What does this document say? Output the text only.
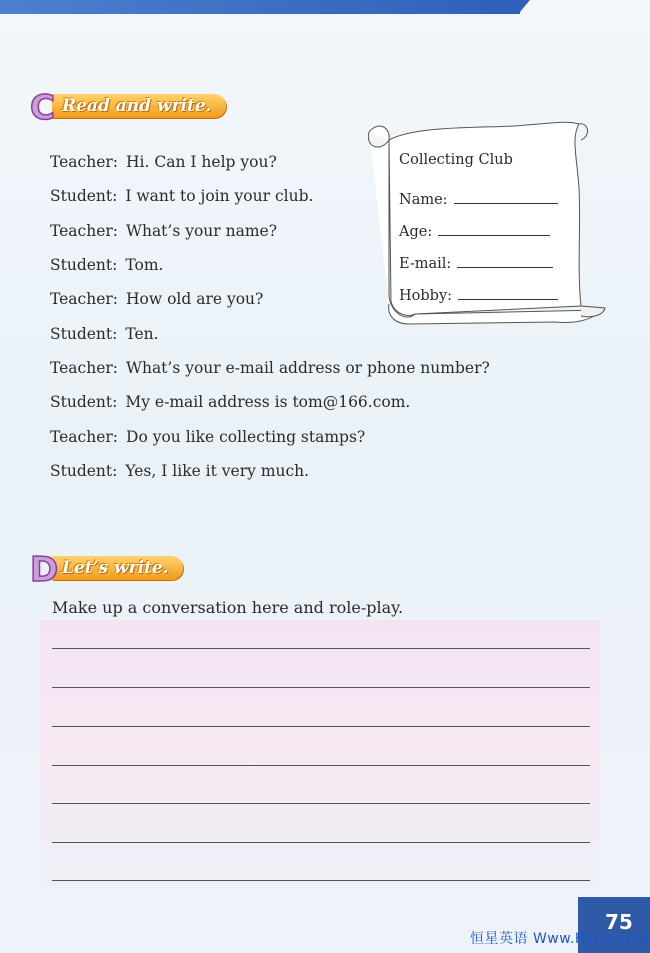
Read and write.
C
Teacher: Hi. Can I help you?
Student: I want to join your club.
Teacher: What’s your name?
Student: Tom.
Teacher: How old are you?
Student: Ten.
Teacher: What’s your e-mail address or phone number?
Student: My e-mail address is tom@166.com.
Teacher: Do you like collecting stamps?
Student: Yes, I like it very much.
Collecting Club
Name:
Age:
E-mail:
Hobby:
Let’s write.
D
Make up a conversation here and role-play.
75
恒星英语 Www.Hxen.com
